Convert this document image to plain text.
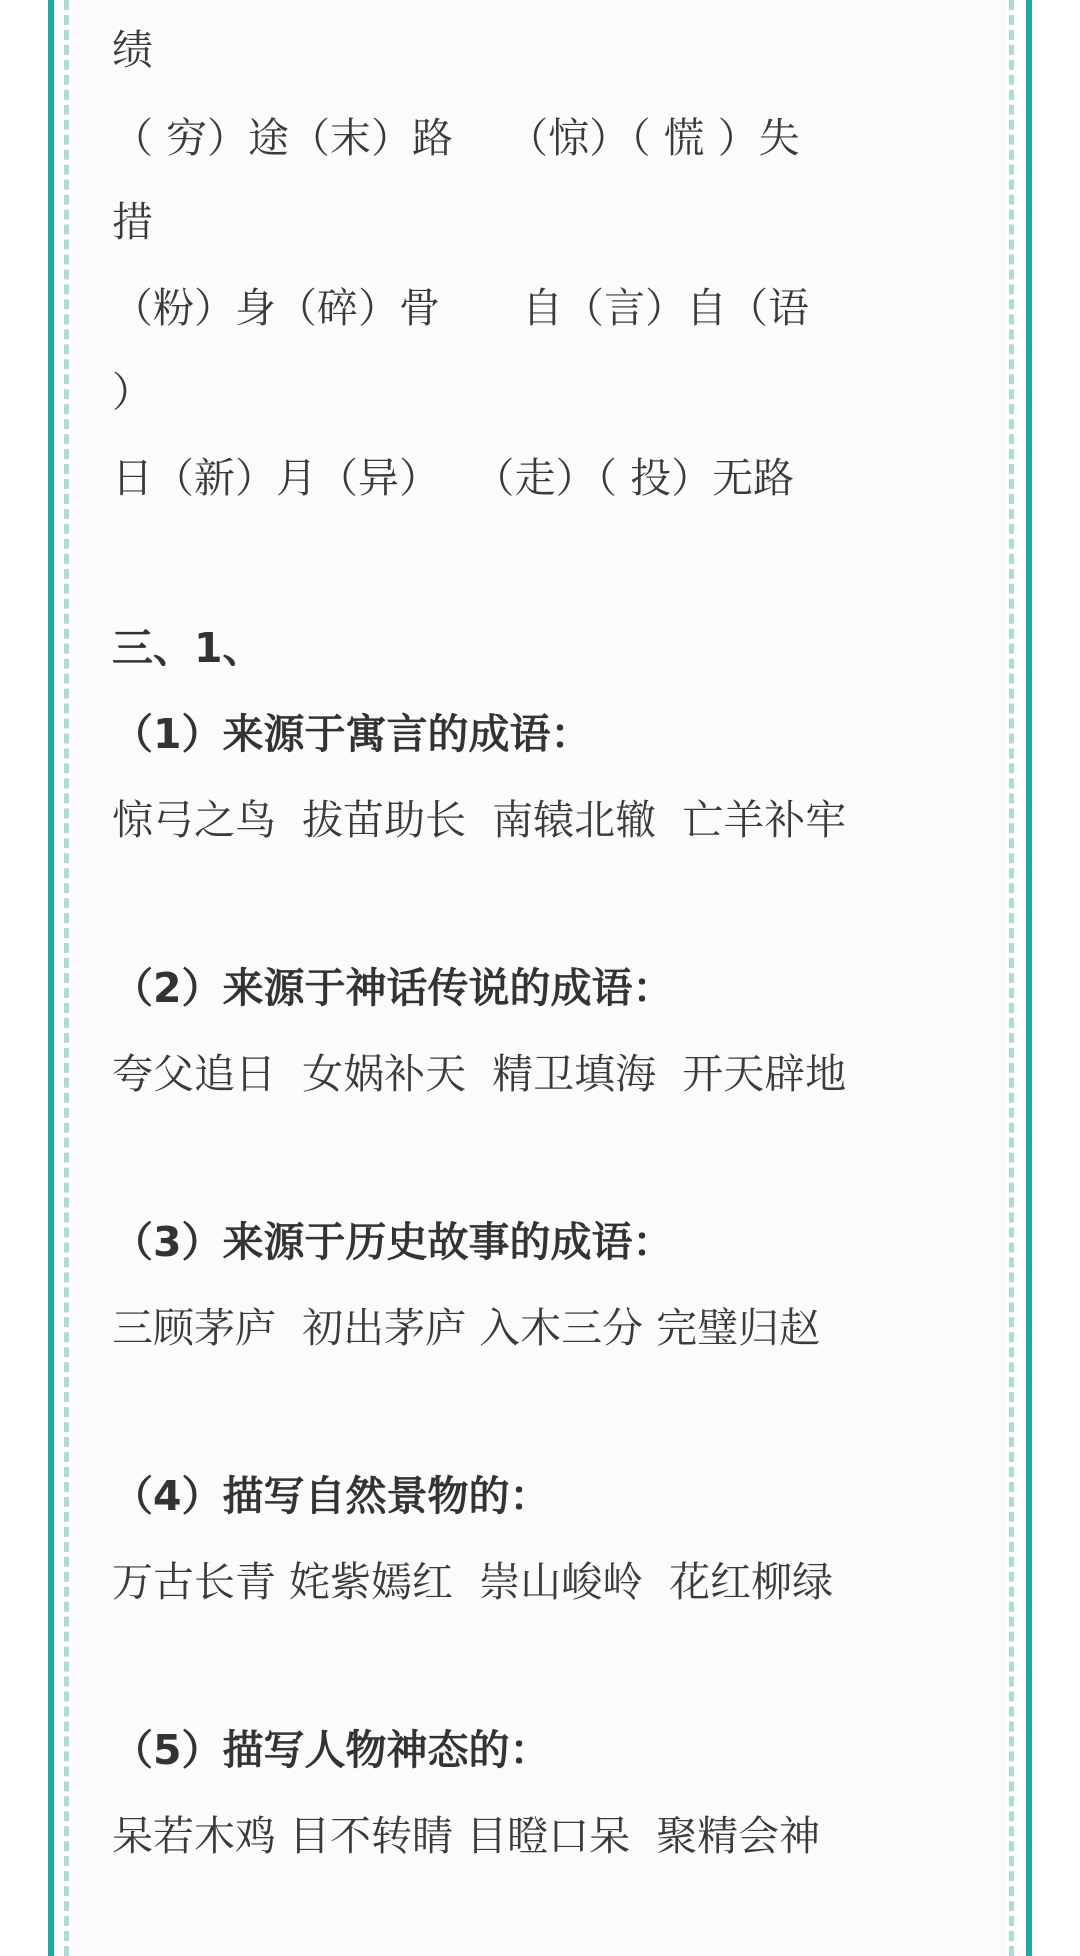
绩
（ 穷）途（末）路　 （惊）（ 慌 ）失
措
（粉）身（碎）骨　　自（言）自（语
）
日（新）月（异）　 （走）（ 投）无路
三、1、
（1）来源于寓言的成语：
惊弓之鸟  拔苗助长  南辕北辙  亡羊补牢
（2）来源于神话传说的成语：
夸父追日  女娲补天  精卫填海  开天辟地
（3）来源于历史故事的成语：
三顾茅庐  初出茅庐 入木三分 完璧归赵
（4）描写自然景物的：
万古长青 姹紫嫣红  崇山峻岭  花红柳绿
（5）描写人物神态的：
呆若木鸡 目不转睛 目瞪口呆  聚精会神
